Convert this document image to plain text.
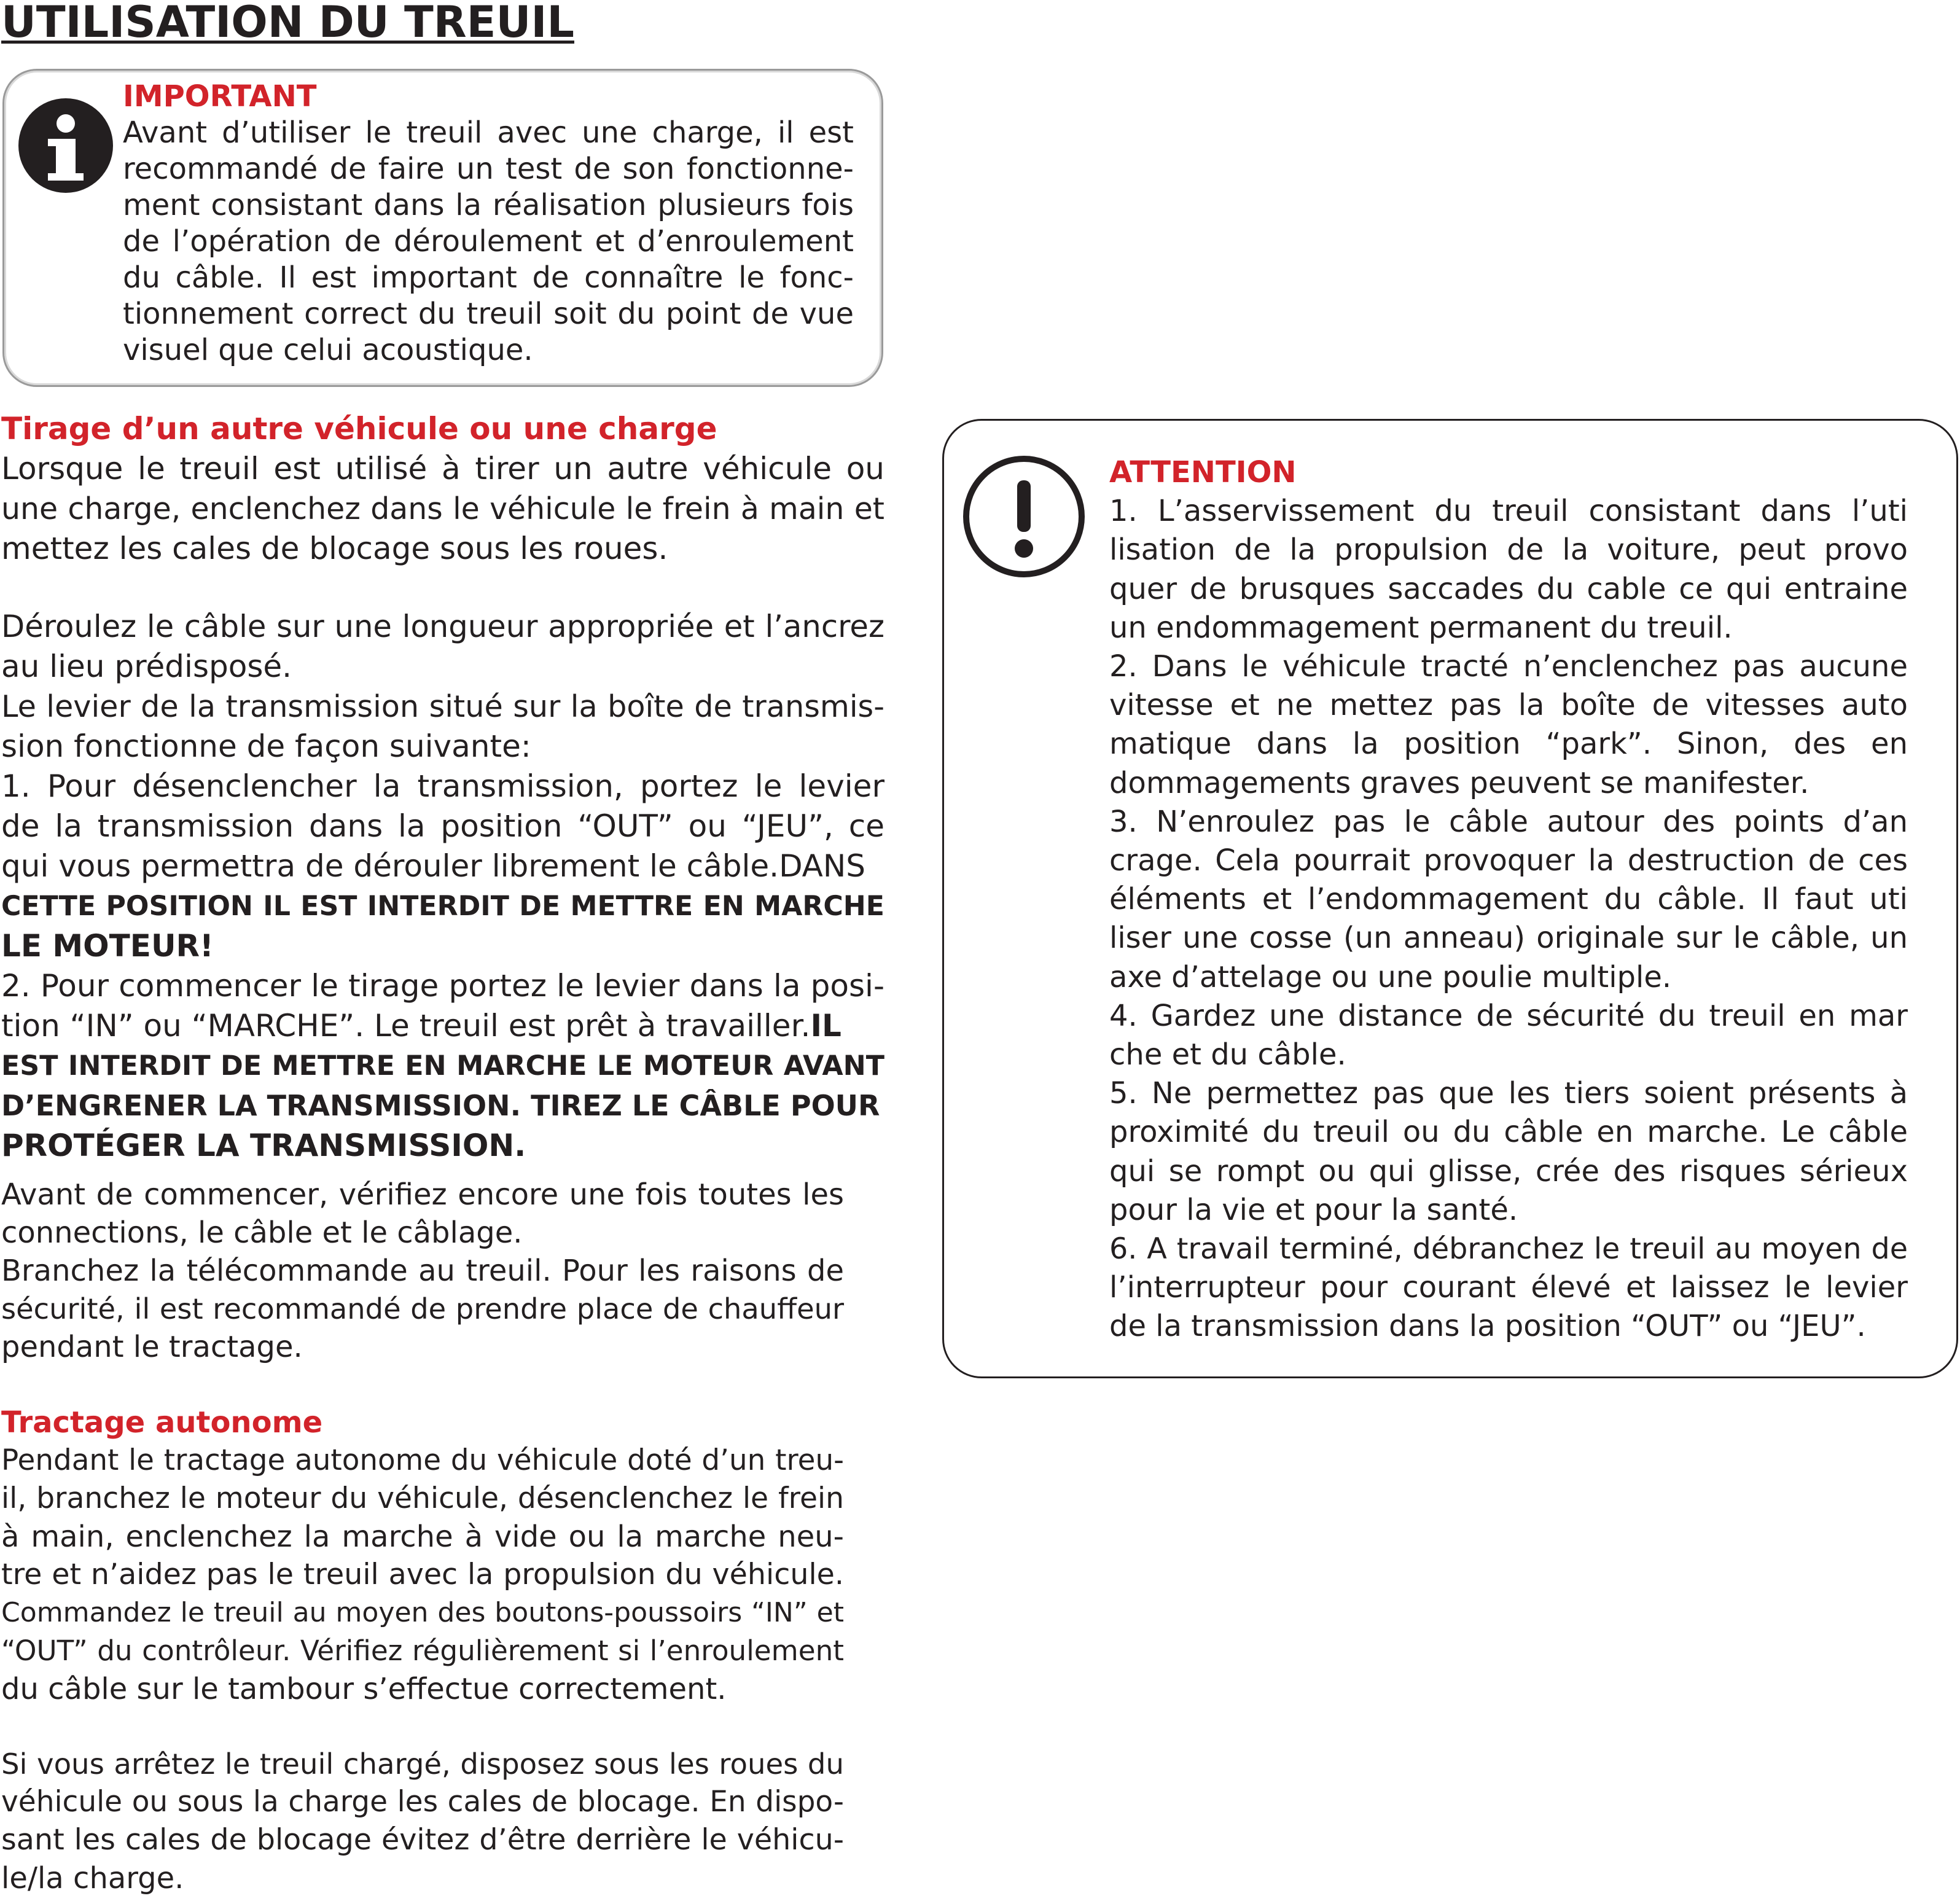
UTILISATION DU TREUIL
IMPORTANT
Avant d’utiliser le treuil avec une charge, il est
recommandé de faire un test de son fonctionne-
ment consistant dans la réalisation plusieurs fois
de l’opération de déroulement et d’enroulement
du câble. Il est important de connaître le fonc-
tionnement correct du treuil soit du point de vue
visuel que celui acoustique.
Tirage d’un autre véhicule ou une charge
Lorsque le treuil est utilisé à tirer un autre véhicule ou
une charge, enclenchez dans le véhicule le frein à main et
mettez les cales de blocage sous les roues.
Déroulez le câble sur une longueur appropriée et l’ancrez
au lieu prédisposé.
Le levier de la transmission situé sur la boîte de transmis-
sion fonctionne de façon suivante:
1. Pour désenclencher la transmission, portez le levier
de la transmission dans la position “OUT” ou “JEU”, ce
qui vous permettra de dérouler librement le câble.DANS
CETTE POSITION IL EST INTERDIT DE METTRE EN MARCHE
LE MOTEUR!
2. Pour commencer le tirage portez le levier dans la posi-
tion “IN” ou “MARCHE”. Le treuil est prêt à travailler.IL
EST INTERDIT DE METTRE EN MARCHE LE MOTEUR AVANT
D’ENGRENER LA TRANSMISSION. TIREZ LE CÂBLE POUR
PROTÉGER LA TRANSMISSION.
Avant de commencer, vérifiez encore une fois toutes les
connections, le câble et le câblage.
Branchez la télécommande au treuil. Pour les raisons de
sécurité, il est recommandé de prendre place de chauffeur
pendant le tractage.
Tractage autonome
Pendant le tractage autonome du véhicule doté d’un treu-
il, branchez le moteur du véhicule, désenclenchez le frein
à main, enclenchez la marche à vide ou la marche neu-
tre et n’aidez pas le treuil avec la propulsion du véhicule.
Commandez le treuil au moyen des boutons-poussoirs “IN” et
“OUT” du contrôleur. Vérifiez régulièrement si l’enroulement
du câble sur le tambour s’effectue correctement.
Si vous arrêtez le treuil chargé, disposez sous les roues du
véhicule ou sous la charge les cales de blocage. En dispo-
sant les cales de blocage évitez d’être derrière le véhicu-
le/la charge.
ATTENTION
1. L’asservissement du treuil consistant dans l’uti
lisation de la propulsion de la voiture, peut provo
quer de brusques saccades du cable ce qui entraine
un endommagement permanent du treuil.
2. Dans le véhicule tracté n’enclenchez pas aucune
vitesse et ne mettez pas la boîte de vitesses auto
matique dans la position “park”. Sinon, des en
dommagements graves peuvent se manifester.
3. N’enroulez pas le câble autour des points d’an
crage. Cela pourrait provoquer la destruction de ces
éléments et l’endommagement du câble. Il faut uti
liser une cosse (un anneau) originale sur le câble, un
axe d’attelage ou une poulie multiple.
4. Gardez une distance de sécurité du treuil en mar
che et du câble.
5. Ne permettez pas que les tiers soient présents à
proximité du treuil ou du câble en marche. Le câble
qui se rompt ou qui glisse, crée des risques sérieux
pour la vie et pour la santé.
6. A travail terminé, débranchez le treuil au moyen de
l’interrupteur pour courant élevé et laissez le levier
de la transmission dans la position “OUT” ou “JEU”.
